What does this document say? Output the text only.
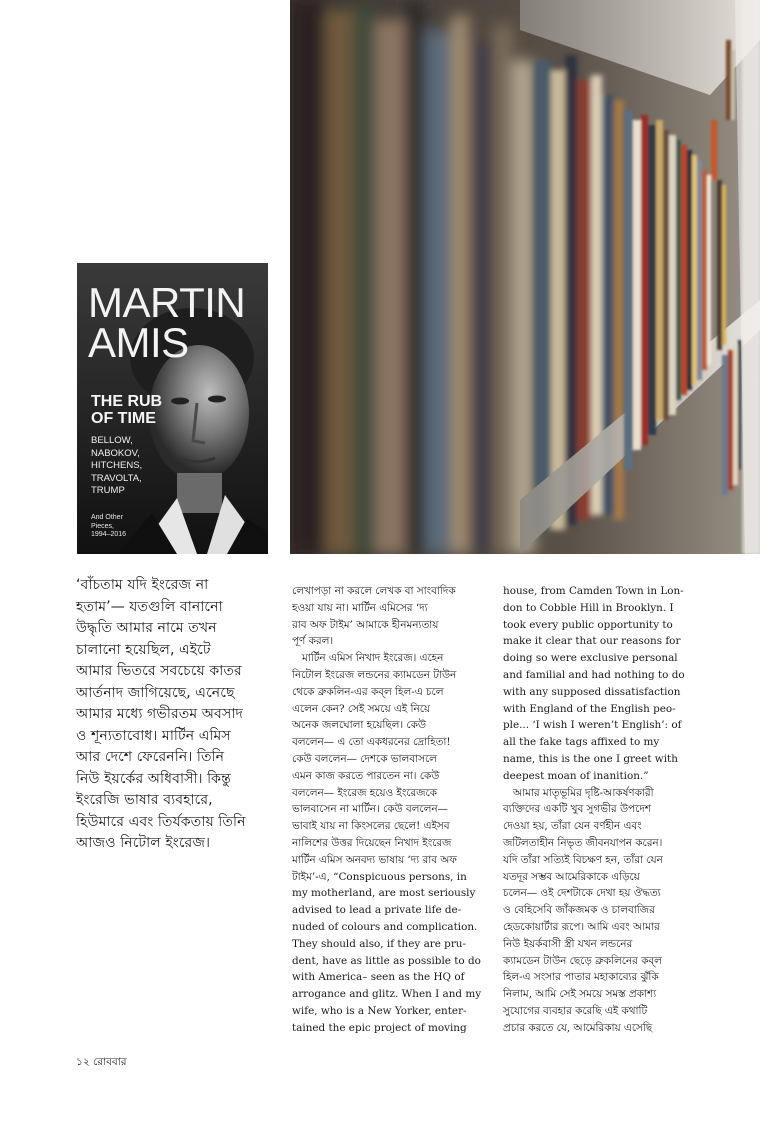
MARTIN
AMIS
THE RUB
OF TIME
BELLOW,
NABOKOV,
HITCHENS,
TRAVOLTA,
TRUMP
And Other
Pieces,
1994–2016
‘বাঁচতাম যদি ইংরেজ না
হতাম’— যতগুলি বানানো
উদ্ধৃতি আমার নামে তখন
চালানো হয়েছিল, এইটে
আমার ভিতরে সবচেয়ে কাতর
আর্তনাদ জাগিয়েছে, এনেছে
আমার মধ্যে গভীরতম অবসাদ
ও শূন্যতাবোধ। মার্টিন এমিস
আর দেশে ফেরেননি। তিনি
নিউ ইয়র্কের অধিবাসী। কিন্তু
ইংরেজি ভাষার ব্যবহারে,
হিউমারে এবং তির্যকতায় তিনি
আজও নিটোল ইংরেজ।
লেখাপড়া না করলে লেখক বা সাংবাদিক
হওয়া যায় না। মার্টিন এমিসের ‘দ্য
রাব অফ টাইম’ আমাকে হীনমন্যতায়
পূর্ণ করল।
মার্টিন এমিস নিখাদ ইংরেজ। এহেন
নিটোল ইংরেজ লন্ডনের ক্যামডেন টাউন
থেকে ব্রুকলিন-এর কব্‌ল হিল-এ চলে
এলেন কেন? সেই সময়ে এই নিয়ে
অনেক জলঘোলা হয়েছিল। কেউ
বললেন— এ তো একধরনের দ্রোহিতা!
কেউ বললেন— দেশকে ভালবাসলে
এমন কাজ করতে পারতেন না। কেউ
বললেন— ইংরেজ হয়েও ইংরেজকে
ভালবাসেন না মার্টিন। কেউ বললেন—
ভাবাই যায় না কিংসলের ছেলে! এইসব
নালিশের উত্তর দিয়েছেন নিখাদ ইংরেজ
মার্টিন এমিস অনবদ্য ভাষায় ‘দ্য রাব অফ
টাইম’-এ, “Conspicuous persons, in
my motherland, are most seriously
advised to lead a private life de-
nuded of colours and complication.
They should also, if they are pru-
dent, have as little as possible to do
with America– seen as the HQ of
arrogance and glitz. When I and my
wife, who is a New Yorker, enter-
tained the epic project of moving
house, from Camden Town in Lon-
don to Cobble Hill in Brooklyn. I
took every public opportunity to
make it clear that our reasons for
doing so were exclusive personal
and familial and had nothing to do
with any supposed dissatisfaction
with England of the English peo-
ple... ‘I wish I weren’t English’: of
all the fake tags affixed to my
name, this is the one I greet with
deepest moan of inanition.”
আমার মাতৃভূমির দৃষ্টি-আকর্ষণকারী
ব্যক্তিদের একটি খুব সুগভীর উপদেশ
দেওয়া হয়, তাঁরা যেন বর্ণহীন এবং
জটিলতাহীন নিভৃত জীবনযাপন করেন।
যদি তাঁরা সত্যিই বিচক্ষণ হন, তাঁরা যেন
যতদূর সম্ভব আমেরিকাকে এড়িয়ে
চলেন— ওই দেশটাকে দেখা হয় ঔদ্ধত্য
ও বেহিসেবি জাঁকজমক ও চালবাজির
হেডকোয়ার্টার রূপে। আমি এবং আমার
নিউ ইয়র্কবাসী স্ত্রী যখন লন্ডনের
ক্যামডেন টাউন ছেড়ে ব্রুকলিনের কব্‌ল
হিল-এ সংসার পাতার মহাকাব্যের ঝুঁকি
নিলাম, আমি সেই সময়ে সমস্ত প্রকাশ্য
সুযোগের ব্যবহার করেছি এই কথাটি
প্রচার করতে যে, আমেরিকায় এসেছি
১২ রোববার
